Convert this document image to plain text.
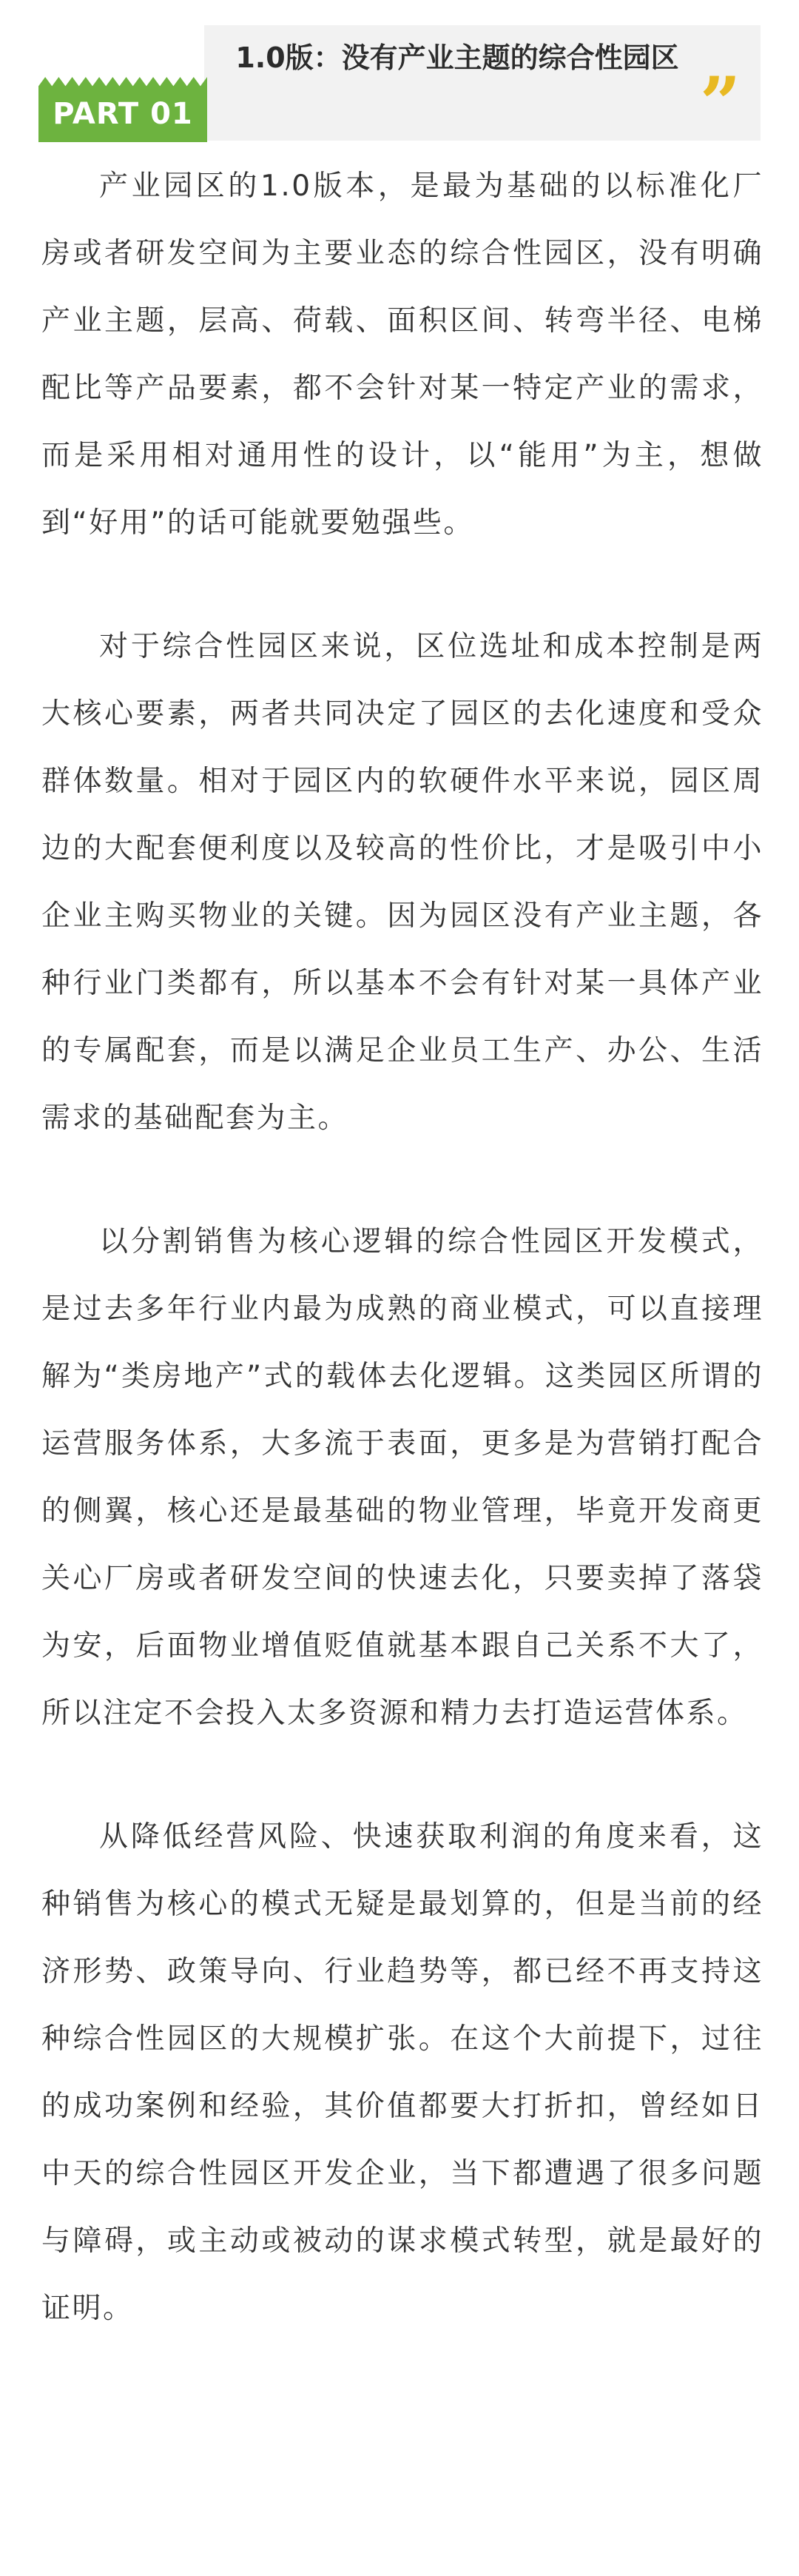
PART 01
1.0版：没有产业主题的综合性园区
”

产业园区的1.0版本，是最为基础的以标准化厂房或者研发空间为主要业态的综合性园区，没有明确产业主题，层高、荷载、面积区间、转弯半径、电梯配比等产品要素，都不会针对某一特定产业的需求，而是采用相对通用性的设计，以“能用”为主，想做到“好用”的话可能就要勉强些。

对于综合性园区来说，区位选址和成本控制是两大核心要素，两者共同决定了园区的去化速度和受众群体数量。相对于园区内的软硬件水平来说，园区周边的大配套便利度以及较高的性价比，才是吸引中小企业主购买物业的关键。因为园区没有产业主题，各种行业门类都有，所以基本不会有针对某一具体产业的专属配套，而是以满足企业员工生产、办公、生活需求的基础配套为主。

以分割销售为核心逻辑的综合性园区开发模式，是过去多年行业内最为成熟的商业模式，可以直接理解为“类房地产”式的载体去化逻辑。这类园区所谓的运营服务体系，大多流于表面，更多是为营销打配合的侧翼，核心还是最基础的物业管理，毕竟开发商更关心厂房或者研发空间的快速去化，只要卖掉了落袋为安，后面物业增值贬值就基本跟自己关系不大了，所以注定不会投入太多资源和精力去打造运营体系。

从降低经营风险、快速获取利润的角度来看，这种销售为核心的模式无疑是最划算的，但是当前的经济形势、政策导向、行业趋势等，都已经不再支持这种综合性园区的大规模扩张。在这个大前提下，过往的成功案例和经验，其价值都要大打折扣，曾经如日中天的综合性园区开发企业，当下都遭遇了很多问题与障碍，或主动或被动的谋求模式转型，就是最好的证明。
